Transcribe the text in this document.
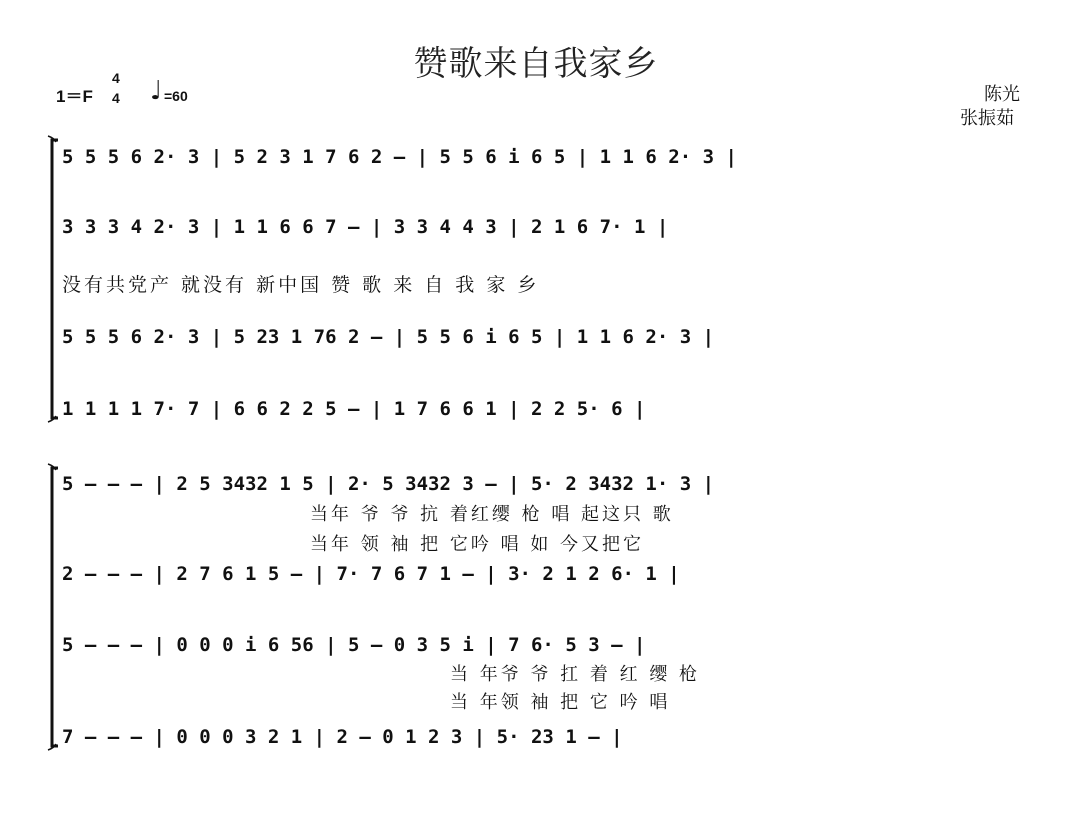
赞歌来自我家乡
1＝F
4
4 ♩ =60	陈光
张振茹
5 5 5 6 2· 3 | 5 2 3 1 7 6 2 – | 5 5 6 i 6 5 | 1 1 6 2· 3 |
3 3 3 4 2· 3 | 1 1 6 6 7 – | 3 3 4 4 3 | 2 1 6 7· 1 |
没有共党产 就没有 新中国 赞 歌 来 自 我 家 乡
5 5 5 6 2· 3 | 5 23 1 76 2 – | 5 5 6 i 6 5 | 1 1 6 2· 3 |
1 1 1 1 7· 7 | 6 6 2 2 5 – | 1 7 6 6 1 | 2 2 5· 6 |
5 – – – | 2 5 3432 1 5 | 2· 5 3432 3 – | 5· 2 3432 1· 3 |
当年 爷 爷 抗 着红缨 枪 唱 起这只 歌
当年 领 袖 把 它吟 唱 如 今又把它
2 – – – | 2 7 6 1 5 – | 7· 7 6 7 1 – | 3· 2 1 2 6· 1 |
5 – – – | 0 0 0 i 6 56 | 5 – 0 3 5 i | 7 6· 5 3 – |
当 年爷 爷 扛 着 红 缨 枪
当 年领 袖 把 它 吟 唱
7 – – – | 0 0 0 3 2 1 | 2 – 0 1 2 3 | 5· 23 1 – |
